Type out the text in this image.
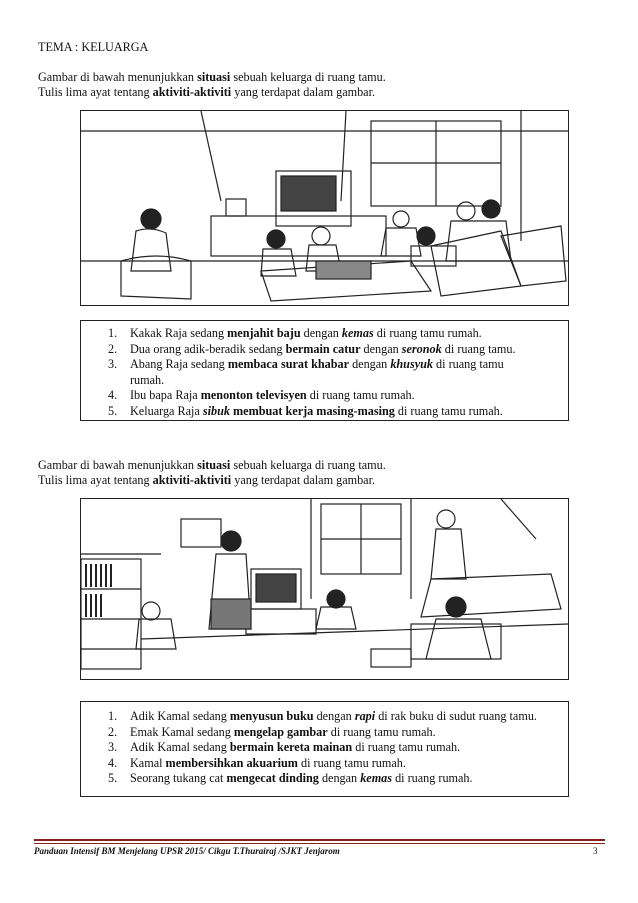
TEMA : KELUARGA
Gambar di bawah menunjukkan situasi sebuah keluarga di ruang tamu.
Tulis lima ayat tentang aktiviti-aktiviti yang terdapat dalam gambar.
1. Kakak Raja sedang menjahit baju dengan kemas di ruang tamu rumah.
2. Dua orang adik-beradik sedang bermain catur dengan seronok di ruang tamu.
3. Abang Raja sedang membaca surat khabar dengan khusyuk di ruang tamu rumah.
4. Ibu bapa Raja menonton televisyen di ruang tamu rumah.
5. Keluarga Raja sibuk membuat kerja masing-masing di ruang tamu rumah.
Gambar di bawah menunjukkan situasi sebuah keluarga di ruang tamu.
Tulis lima ayat tentang aktiviti-aktiviti yang terdapat dalam gambar.
1. Adik Kamal sedang menyusun buku dengan rapi di rak buku di sudut ruang tamu.
2. Emak Kamal sedang mengelap gambar di ruang tamu rumah.
3. Adik Kamal sedang bermain kereta mainan di ruang tamu rumah.
4. Kamal membersihkan akuarium di ruang tamu rumah.
5. Seorang tukang cat mengecat dinding dengan kemas di ruang rumah.
Panduan Intensif BM Menjelang UPSR 2015/ Cikgu T.Thurairaj /SJKT Jenjarom	3
